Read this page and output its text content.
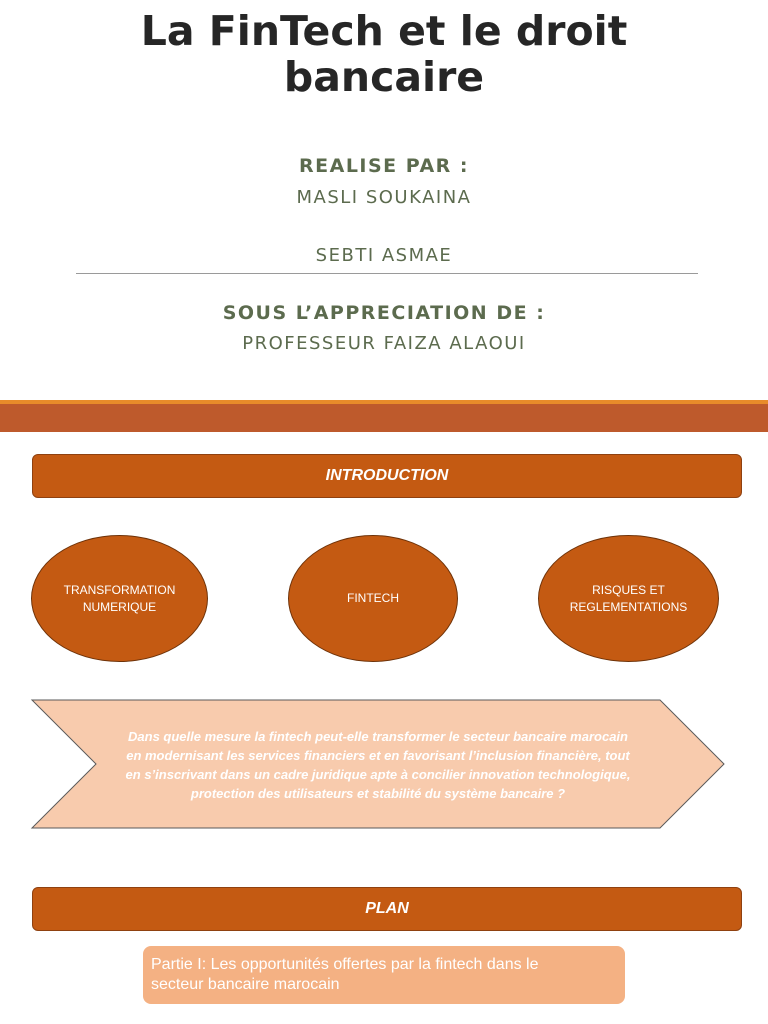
La FinTech et le droit
bancaire
REALISE PAR :
MASLI SOUKAINA
SEBTI ASMAE
SOUS L’APPRECIATION DE :
PROFESSEUR FAIZA ALAOUI
INTRODUCTION
TRANSFORMATION
NUMERIQUE
FINTECH
RISQUES ET
REGLEMENTATIONS
Dans quelle mesure la fintech peut-elle transformer le secteur bancaire marocain
en modernisant les services financiers et en favorisant l’inclusion financière, tout
en s’inscrivant dans un cadre juridique apte à concilier innovation technologique,
protection des utilisateurs et stabilité du système bancaire ?
PLAN
Partie I: Les opportunités offertes par la fintech dans le
secteur bancaire marocain
